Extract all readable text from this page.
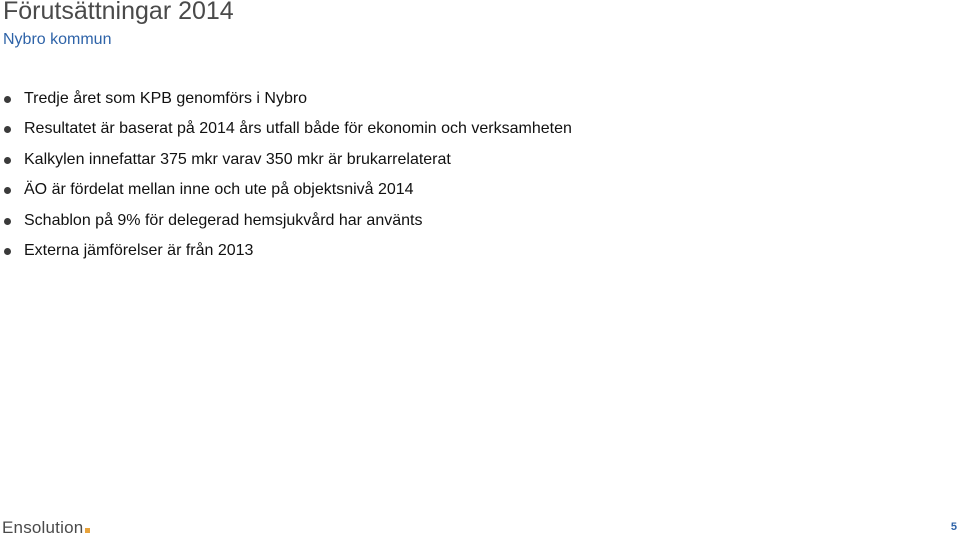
Förutsättningar 2014
Nybro kommun
Tredje året som KPB genomförs i Nybro
Resultatet är baserat på 2014 års utfall både för ekonomin och verksamheten
Kalkylen innefattar 375 mkr varav 350 mkr är brukarrelaterat
ÄO är fördelat mellan inne och ute på objektsnivå 2014
Schablon på 9% för delegerad hemsjukvård har använts
Externa jämförelser är från 2013
Ensolution	5
